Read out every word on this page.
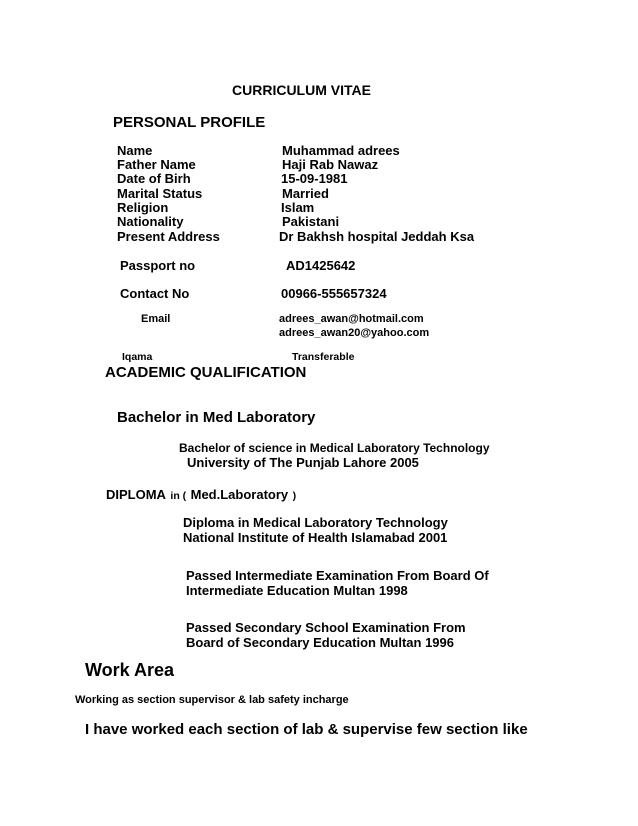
CURRICULUM VITAE
PERSONAL PROFILE
Name	Muhammad adrees
Father Name	Haji Rab Nawaz
Date of Birh	15-09-1981
Marital Status	Married
Religion	Islam
Nationality	Pakistani
Present Address	Dr Bakhsh hospital Jeddah Ksa
Passport no	AD1425642
Contact No	00966-555657324
Email	adrees_awan@hotmail.com
adrees_awan20@yahoo.com
Iqama	Transferable
ACADEMIC QUALIFICATION
Bachelor in Med Laboratory
Bachelor of science in Medical Laboratory Technology
University of The Punjab Lahore 2005
DIPLOMA in ( Med.Laboratory )
Diploma in Medical Laboratory Technology
National Institute of Health Islamabad 2001
Passed Intermediate Examination From Board Of
Intermediate Education Multan 1998
Passed Secondary School Examination From
Board of Secondary Education Multan 1996
Work Area
Working as section supervisor & lab safety incharge
I have worked each section of lab & supervise few section like
